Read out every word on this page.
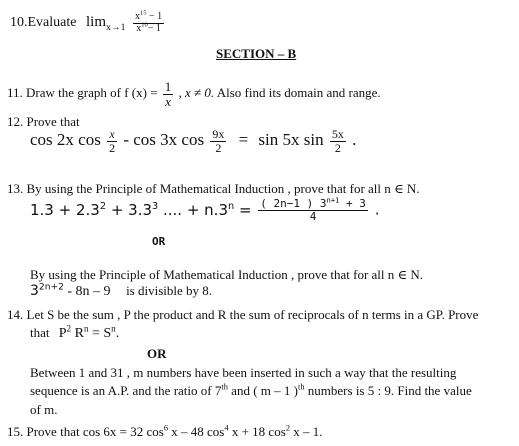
10.Evaluate $\lim_{x\to 1} \frac{x^{15} - 1}{x^{10}- 1}$
SECTION – B
11. Draw the graph of f $(x) = \frac{1}{x}$ , x ≠ 0. Also find its domain and range.
12. Prove that
cos 2x $\cos \frac{x}{2}$ - cos 3x $\cos \frac{9x}{2} = \sin 5x$ $\sin \frac{5x}{2}$ .
13. By using the Principle of Mathematical Induction , prove that for all n ∈ N.
$1.3 + 2.3^2 + 3.3^3$ .... + $n.3^n = \frac{( 2n-1 ) 3^{n+1} + 3}{4}$ .
OR
By using the Principle of Mathematical Induction , prove that for all n ∈ N.
$3^{2n+2} - 8n - 9$ is divisible by 8.
14. Let S be the sum , P the product and R the sum of reciprocals of n terms in a GP. Prove
that $P^2$ $R^n = S^n$.
OR
Between 1 and 31 , m numbers have been inserted in such a way that the resulting
sequence is an A.P. and the ratio of 7th and ( m – 1 )$^{th}$ numbers is 5 : 9. Find the value
of m.
15. Prove that cos 6x = 32 $\cos^6 x - 48$ $\cos^4 x + 18$ $\cos^2 x - 1$.
